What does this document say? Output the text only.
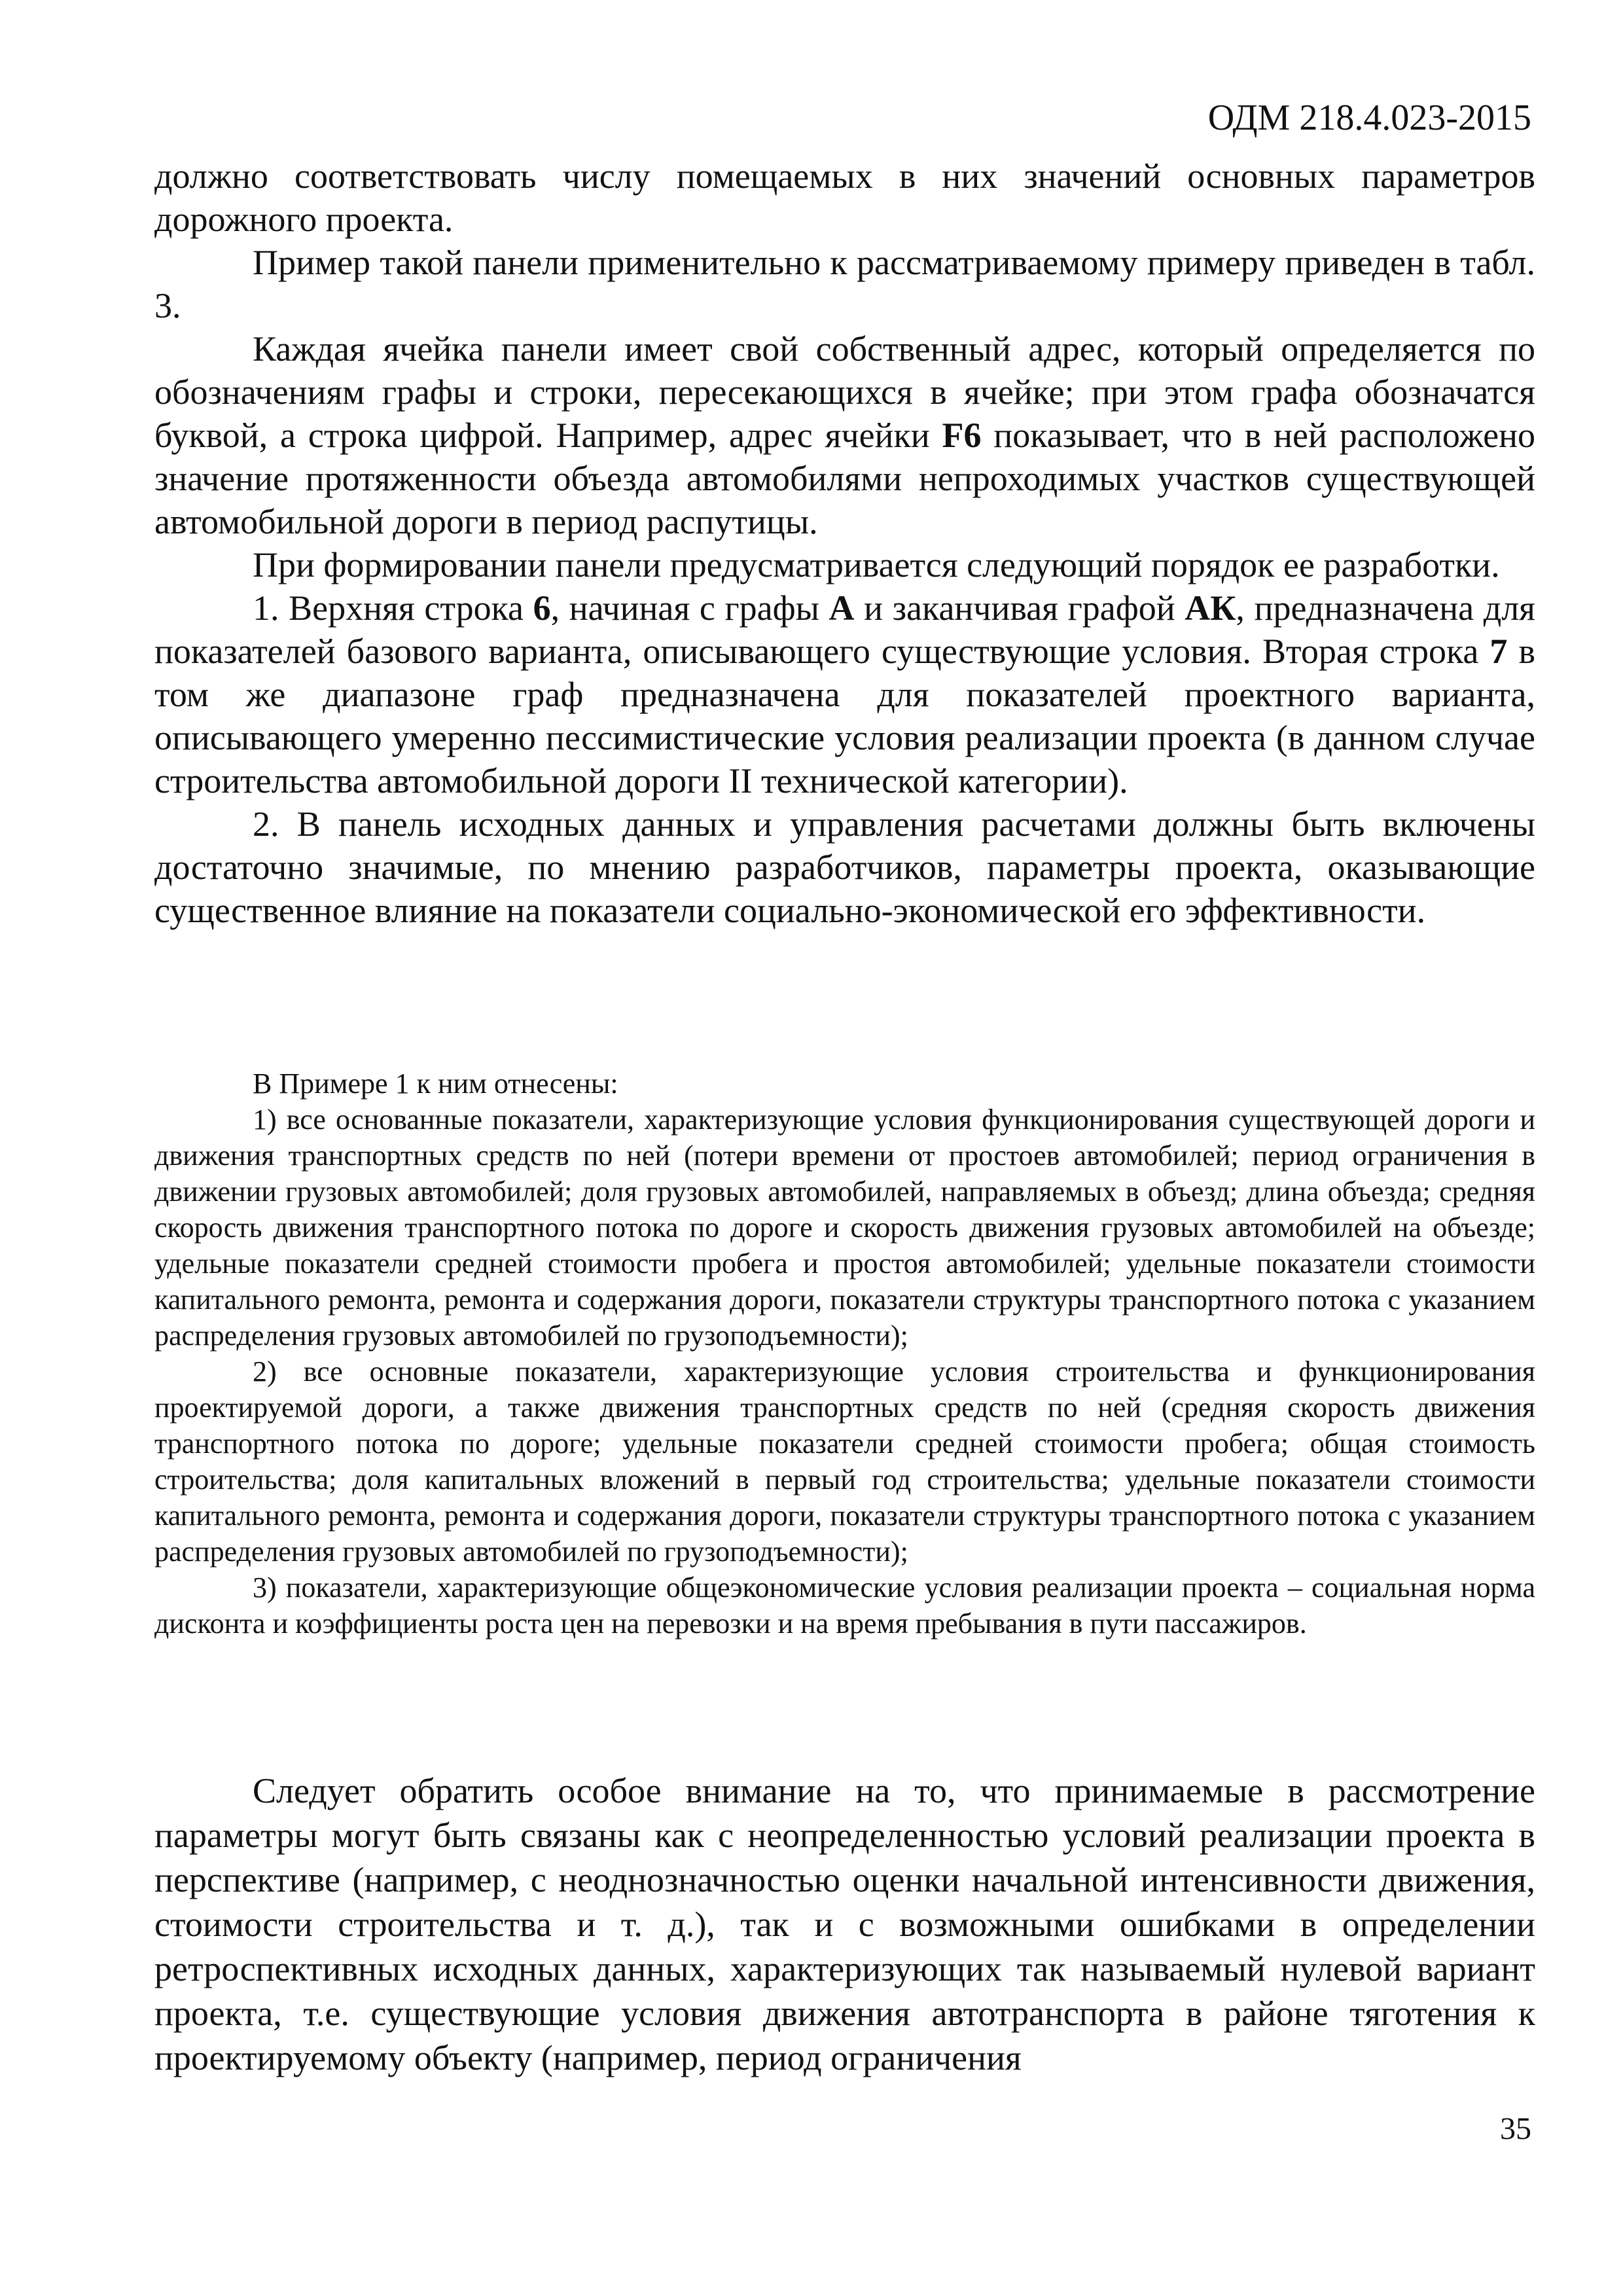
ОДМ 218.4.023-2015

должно соответствовать числу помещаемых в них значений основных параметров дорожного проекта.

Пример такой панели применительно к рассматриваемому примеру приведен в табл. 3.

Каждая ячейка панели имеет свой собственный адрес, который определяется по обозначениям графы и строки, пересекающихся в ячейке; при этом графа обозначатся буквой, а строка цифрой. Например, адрес ячейки F6 показывает, что в ней расположено значение протяженности объезда автомобилями непроходимых участков существующей автомобильной дороги в период распутицы.

При формировании панели предусматривается следующий порядок ее разработки.

1. Верхняя строка 6, начиная с графы А и заканчивая графой АК, предназначена для показателей базового варианта, описывающего существующие условия. Вторая строка 7 в том же диапазоне граф предназначена для показателей проектного варианта, описывающего умеренно пессимистические условия реализации проекта (в данном случае строительства автомобильной дороги II технической категории).

2. В панель исходных данных и управления расчетами должны быть включены достаточно значимые, по мнению разработчиков, параметры проекта, оказывающие существенное влияние на показатели социально-экономической его эффективности.

В Примере 1 к ним отнесены:

1) все основанные показатели, характеризующие условия функционирования существующей дороги и движения транспортных средств по ней (потери времени от простоев автомобилей; период ограничения в движении грузовых автомобилей; доля грузовых автомобилей, направляемых в объезд; длина объезда; средняя скорость движения транспортного потока по дороге и скорость движения грузовых автомобилей на объезде; удельные показатели средней стоимости пробега и простоя автомобилей; удельные показатели стоимости капитального ремонта, ремонта и содержания дороги, показатели структуры транспортного потока с указанием распределения грузовых автомобилей по грузоподъемности);

2) все основные показатели, характеризующие условия строительства и функционирования проектируемой дороги, а также движения транспортных средств по ней (средняя скорость движения транспортного потока по дороге; удельные показатели средней стоимости пробега; общая стоимость строительства; доля капитальных вложений в первый год строительства; удельные показатели стоимости капитального ремонта, ремонта и содержания дороги, показатели структуры транспортного потока с указанием распределения грузовых автомобилей по грузоподъемности);

3) показатели, характеризующие общеэкономические условия реализации проекта – социальная норма дисконта и коэффициенты роста цен на перевозки и на время пребывания в пути пассажиров.

Следует обратить особое внимание на то, что принимаемые в рассмотрение параметры могут быть связаны как с неопределенностью условий реализации проекта в перспективе (например, с неоднозначностью оценки начальной интенсивности движения, стоимости строительства и т. д.), так и с возможными ошибками в определении ретроспективных исходных данных, характеризующих так называемый нулевой вариант проекта, т.е. существующие условия движения автотранспорта в районе тяготения к проектируемому объекту (например, период ограничения

35
